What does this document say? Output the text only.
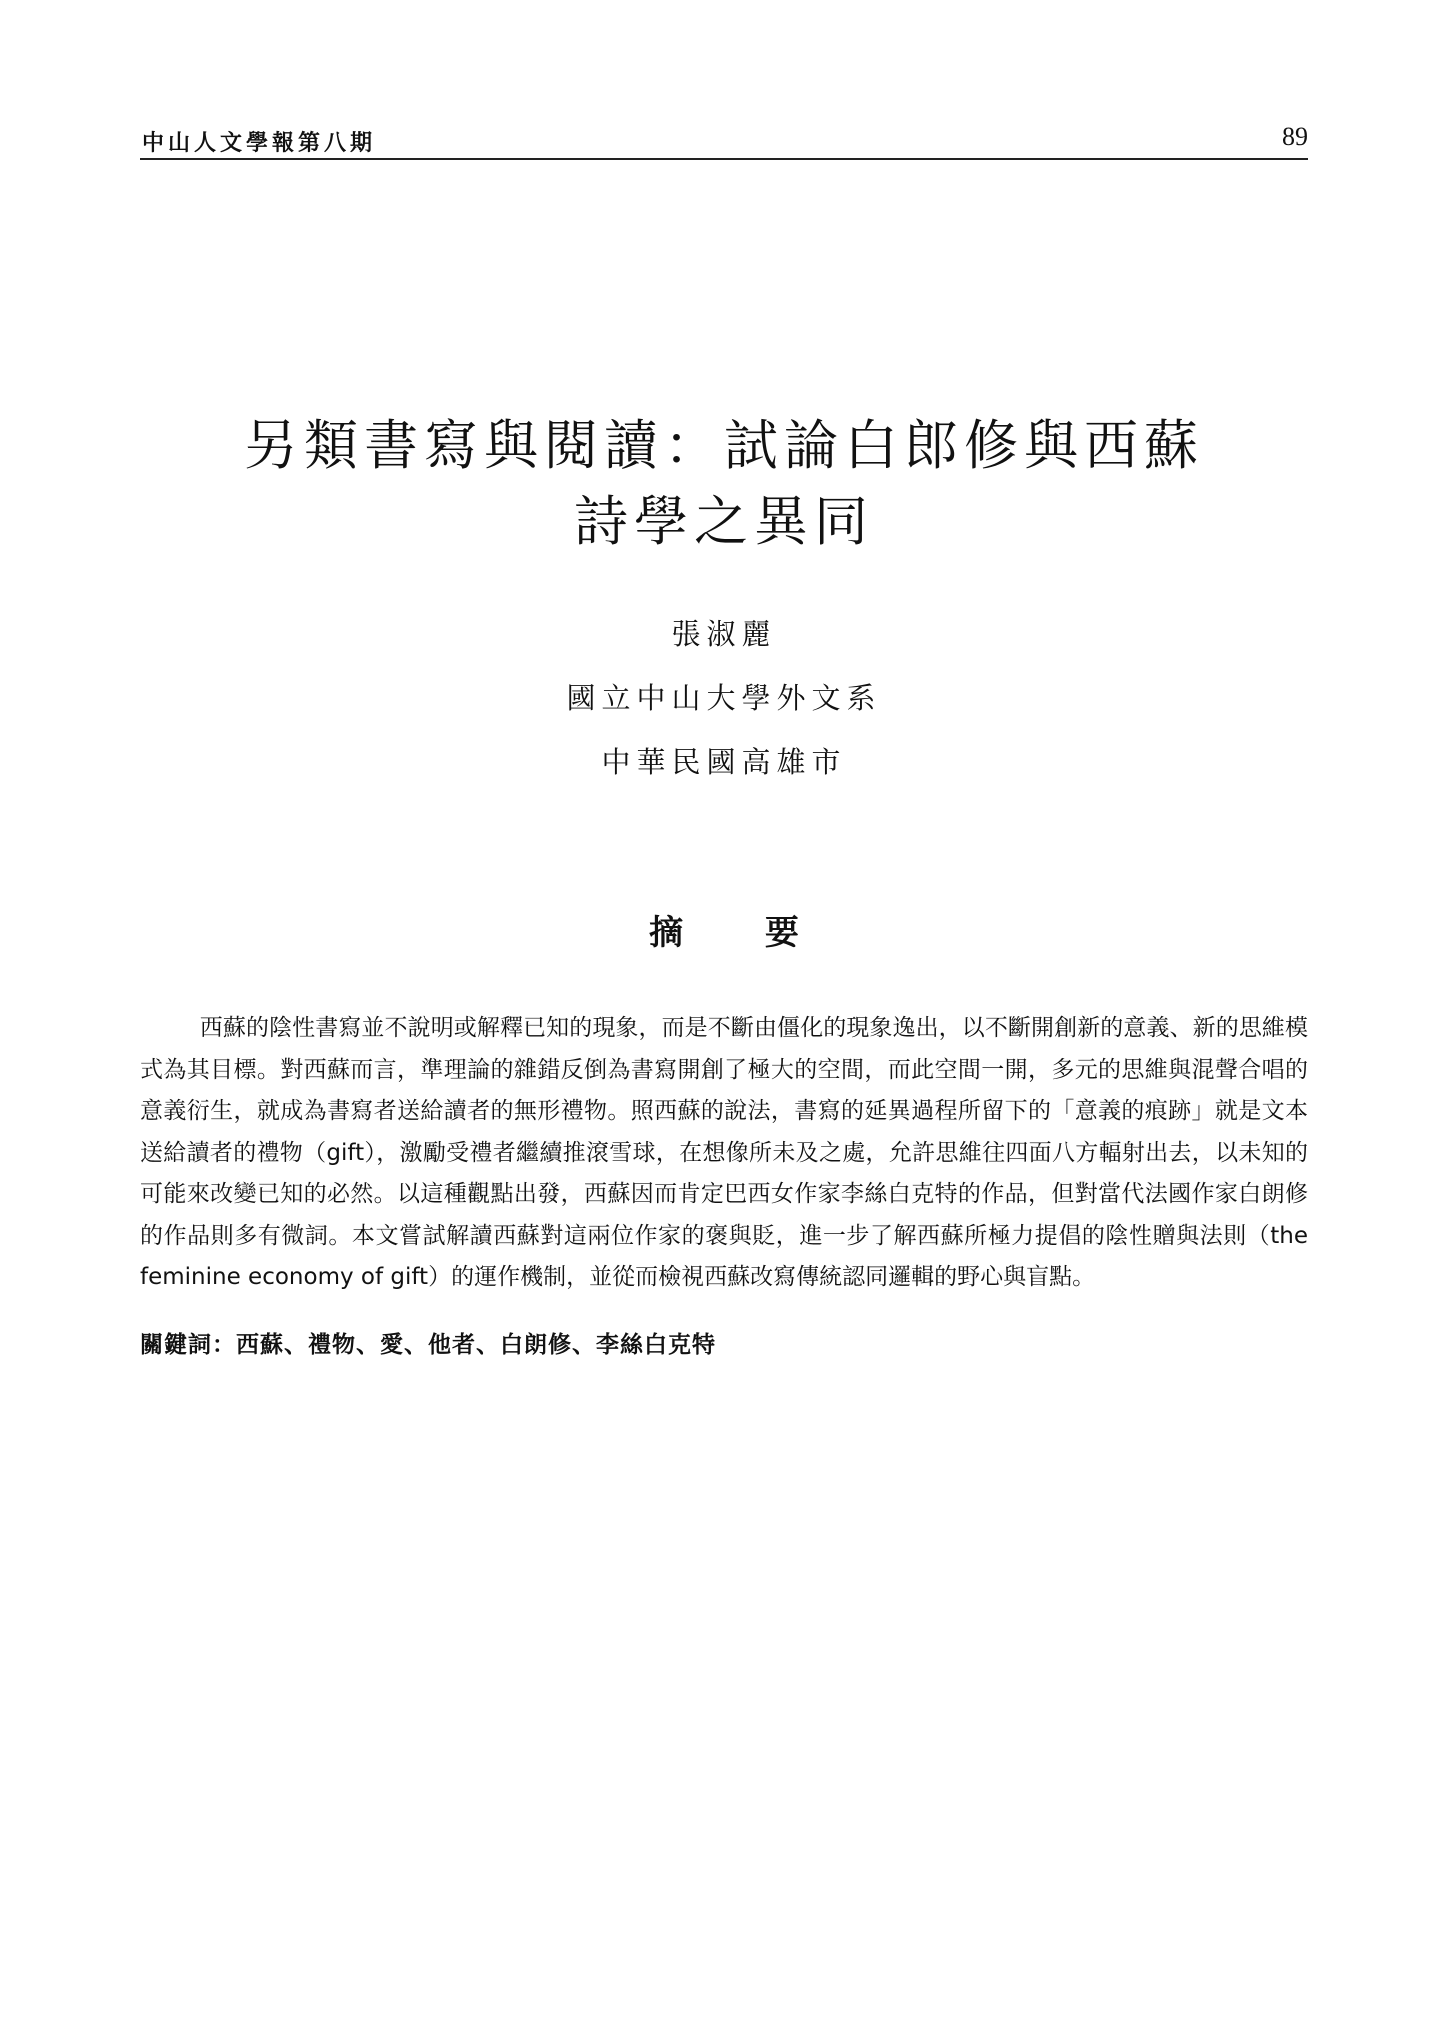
中山人文學報第八期	89
另類書寫與閱讀：試論白郎修與西蘇
詩學之異同
張淑麗
國立中山大學外文系
中華民國高雄市
摘 要

西蘇的陰性書寫並不說明或解釋已知的現象，而是不斷由僵化的現象逸出，以不斷開創新的意義、新的思維模式為其目標。對西蘇而言，準理論的雜錯反倒為書寫開創了極大的空間，而此空間一開，多元的思維與混聲合唱的意義衍生，就成為書寫者送給讀者的無形禮物。照西蘇的說法，書寫的延異過程所留下的「意義的痕跡」就是文本送給讀者的禮物（gift），激勵受禮者繼續推滾雪球，在想像所未及之處，允許思維往四面八方輻射出去，以未知的可能來改變已知的必然。以這種觀點出發，西蘇因而肯定巴西女作家李絲白克特的作品，但對當代法國作家白朗修的作品則多有微詞。本文嘗試解讀西蘇對這兩位作家的褒與貶，進一步了解西蘇所極力提倡的陰性贈與法則（the feminine economy of gift）的運作機制，並從而檢視西蘇改寫傳統認同邏輯的野心與盲點。

關鍵詞：西蘇、禮物、愛、他者、白朗修、李絲白克特
